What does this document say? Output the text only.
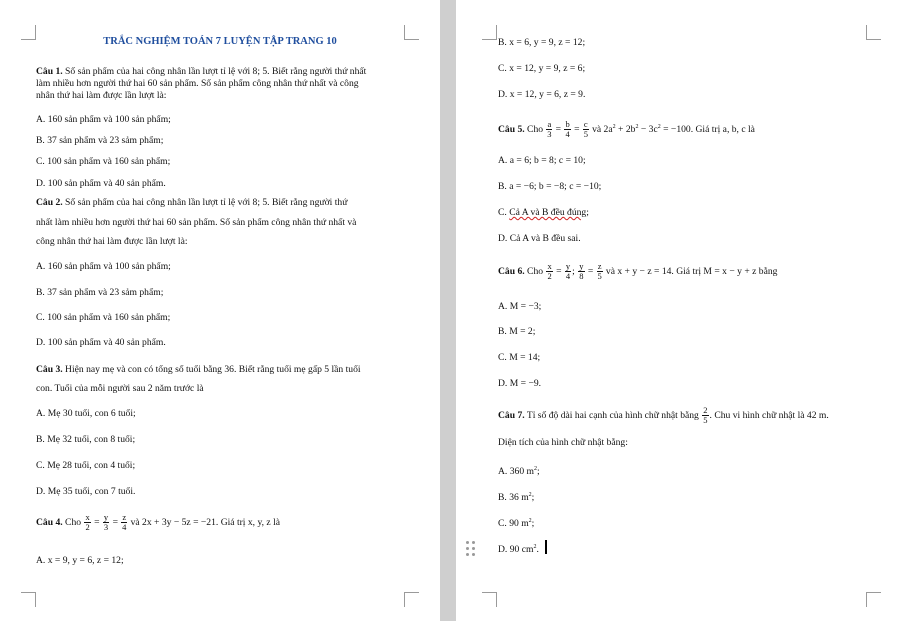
TRẮC NGHIỆM TOÁN 7 LUYỆN TẬP TRANG 10
Câu 1. Số sản phẩm của hai công nhân lần lượt tỉ lệ với 8; 5. Biết rằng người thứ nhất
làm nhiều hơn người thứ hai 60 sản phẩm. Số sản phẩm công nhân thứ nhất và công
nhân thứ hai làm được lần lượt là:
A. 160 sản phẩm và 100 sản phẩm;
B. 37 sản phẩm và 23 sảm phẩm;
C. 100 sản phẩm và 160 sản phẩm;
D. 100 sản phẩm và 40 sản phẩm.
Câu 2. Số sản phẩm của hai công nhân lần lượt tỉ lệ với 8; 5. Biết rằng người thứ
nhất làm nhiều hơn người thứ hai 60 sản phẩm. Số sản phẩm công nhân thứ nhất và
công nhân thứ hai làm được lần lượt là:
A. 160 sản phẩm và 100 sản phẩm;
B. 37 sản phẩm và 23 sảm phẩm;
C. 100 sản phẩm và 160 sản phẩm;
D. 100 sản phẩm và 40 sản phẩm.
Câu 3. Hiện nay mẹ và con có tổng số tuổi bằng 36. Biết rằng tuổi mẹ gấp 5 lần tuổi
con. Tuổi của mỗi người sau 2 năm trước là
A. Mẹ 30 tuổi, con 6 tuổi;
B. Mẹ 32 tuổi, con 8 tuổi;
C. Mẹ 28 tuổi, con 4 tuổi;
D. Mẹ 35 tuổi, con 7 tuổi.
Câu 4. Cho $\frac{x}{2} = \frac{y}{3} = \frac{z}{4}$ và 2x + 3y − 5z = −21. Giá trị x, y, z là
A. x = 9, y = 6, z = 12;
B. x = 6, y = 9, z = 12;
C. x = 12, y = 9, z = 6;
D. x = 12, y = 6, z = 9.
Câu 5. Cho $\frac{a}{3} = \frac{b}{4} = \frac{c}{5}$ và $2a^2 + 2b^2 - 3c^2 = -100$. Giá trị a, b, c là
A. a = 6; b = 8; c = 10;
B. a = −6; b = −8; c = −10;
C. Cả A và B đều đúng;
D. Cả A và B đều sai.
Câu 6. Cho $\frac{x}{2} = \frac{y}{4}$ ; $\frac{y}{8} = \frac{z}{5}$ và x + y − z = 14. Giá trị M = x − y + z bằng
A. M = −3;
B. M = 2;
C. M = 14;
D. M = −9.
Câu 7. Tỉ số độ dài hai cạnh của hình chữ nhật bằng $\frac{2}{5}$ . Chu vi hình chữ nhật là 42 m.
Diện tích của hình chữ nhật bằng:
A. 360 $m^2$;
B. 36 $m^2$;
C. 90 $m^2$;
D. 90 $cm^2$.
